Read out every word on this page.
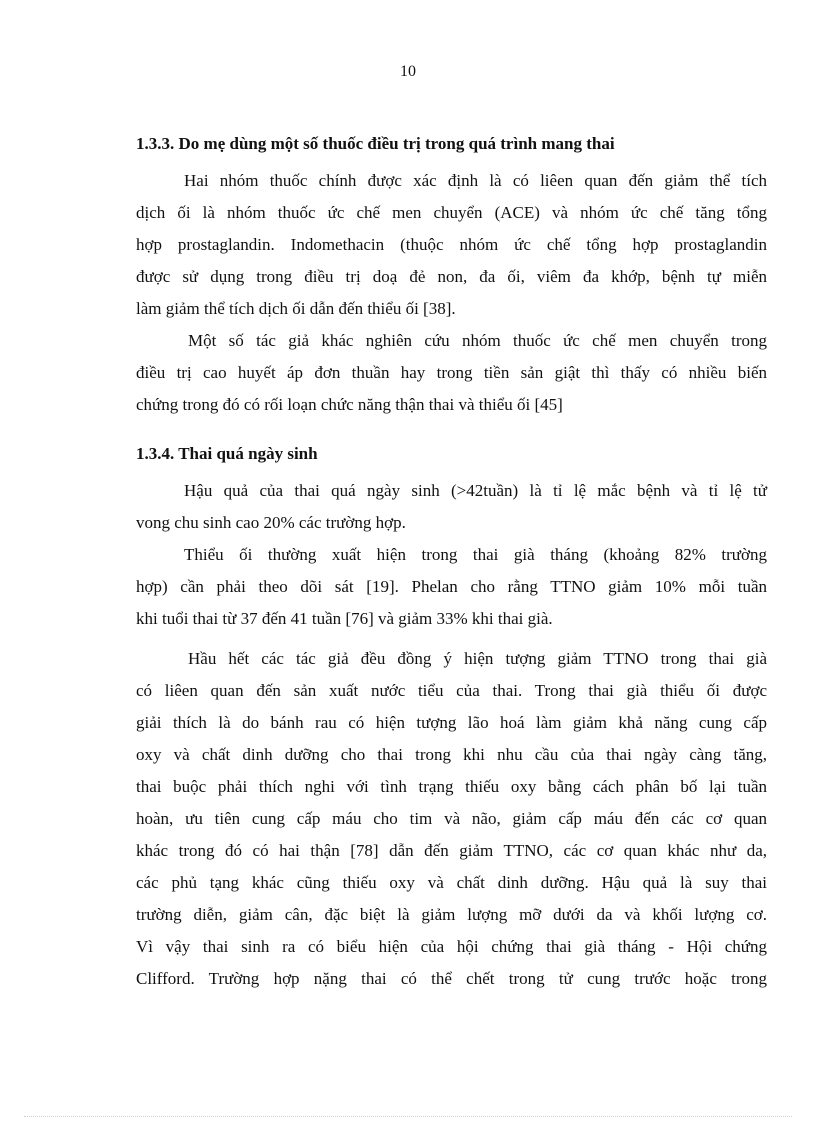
10
1.3.3. Do mẹ dùng một số thuốc điều trị trong quá trình mang thai
Hai nhóm thuốc chính được xác định là có liêen quan đến giảm thể tích
dịch ối là nhóm thuốc ức chế men chuyển (ACE) và nhóm ức chế tăng tổng
hợp prostaglandin. Indomethacin (thuộc nhóm ức chế tổng hợp prostaglandin
được sử dụng trong điều trị doạ đẻ non, đa ối, viêm đa khớp, bệnh tự miễn
làm giảm thể tích dịch ối dẫn đến thiểu ối [38].
Một số tác giả khác nghiên cứu nhóm thuốc ức chế men chuyển trong
điều trị cao huyết áp đơn thuần hay trong tiền sản giật thì thấy có nhiều biến
chứng trong đó có rối loạn chức năng thận thai và thiểu ối [45]
1.3.4. Thai quá ngày sinh
Hậu quả của thai quá ngày sinh (>42tuần) là tỉ lệ mắc bệnh và tỉ lệ tử
vong chu sinh cao 20% các trường hợp.
Thiểu ối thường xuất hiện trong thai già tháng (khoảng 82% trường
hợp) cần phải theo dõi sát [19]. Phelan cho rằng TTNO giảm 10% mỗi tuần
khi tuổi thai từ 37 đến 41 tuần [76] và giảm 33% khi thai già.
Hầu hết các tác giả đều đồng ý hiện tượng giảm TTNO trong thai già
có liêen quan đến sản xuất nước tiểu của thai. Trong thai già thiểu ối được
giải thích là do bánh rau có hiện tượng lão hoá làm giảm khả năng cung cấp
oxy và chất dinh dưỡng cho thai trong khi nhu cầu của thai ngày càng tăng,
thai buộc phải thích nghi với tình trạng thiếu oxy bằng cách phân bố lại tuần
hoàn, ưu tiên cung cấp máu cho tim và não, giảm cấp máu đến các cơ quan
khác trong đó có hai thận [78] dẫn đến giảm TTNO, các cơ quan khác như da,
các phủ tạng khác cũng thiếu oxy và chất dinh dưỡng. Hậu quả là suy thai
trường diễn, giảm cân, đặc biệt là giảm lượng mỡ dưới da và khối lượng cơ.
Vì vậy thai sinh ra có biểu hiện của hội chứng thai già tháng - Hội chứng
Clifford. Trường hợp nặng thai có thể chết trong tử cung trước hoặc trong
